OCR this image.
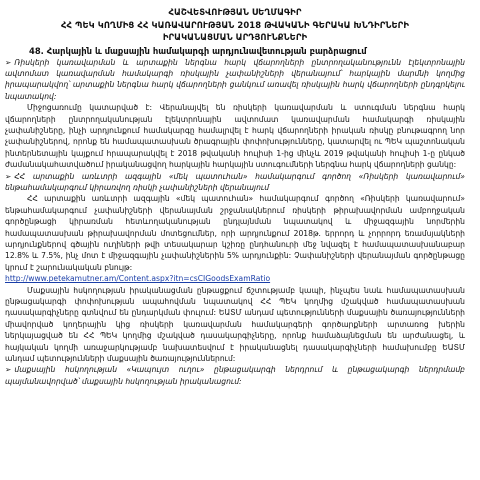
ՀԱՇՎԵՏՎՈՒԹՅԱՆ ՍԵՂՄԱԳԻՐ
ՀՀ ՊԵԿ ԿՈՂՄԻՑ ՀՀ ԿԱՌԱՎԱՐՈՒԹՅԱՆ 2018 ԹՎԱԿԱՆԻ ԳԵՐԱԿԱ ԽՆԴԻՐՆԵՐԻ
ԻՐԱԿԱՆԱՑՄԱՆ ԱՐԴՅՈՒՆՔՆԵՐԻ
48. Հարկային և մաքսային համակարգի արդյունավետության բարձրացում

➢ Ռիսկերի կառավարման և արտաքին ներգնա հարկ վճարողների ընտրողականությունն էլեկտրոնային ավտոմատ կառավարման համակարգի ռիսկային չափանիշների վերանայում՝ հարկային մարմնի կողմից իրապարակվող՝ արտաքին ներգնա հարկ վճարողների ցանկում առավել ռիսկային հարկ վճարողների ընդգրկելու նպատակով:

Միջոցառումը կատարված է: Վերանայվել են ռիսկերի կառավարման և ստուգման ներգնա հարկ վճարողների ընտրողականության էլեկտրոնային ավտոմատ կառավարման համակարգի ռիսկային չափանիշները, ինչի արդյունքում համակարգը համալրվել է հարկ վճարողների իրական ռիսկը բնութագրող նոր չափանիշներով, որոնք են համապատասխան ծրագրային փոփոխությունները, կատարվել ու ՊԵԿ պաշտոնական ինտերնետային կայքում հրապարակվել է 2018 թվականի հուլիսի 1-ից մինչև 2019 թվականի հուլիսի 1-ը ընկած ժամանակահատվածում իրականացվող հարկային հարկային ստուգումների ներգնա հարկ վճարողների ցանկը:

➢ ՀՀ արտաքին առևտրի ազգային «մեկ պատուհան» համակարգում գործող «Ռիսկերի կառավարում» ենթահամակարգում կիրառվող ռիսկի չափանիշների վերանայում

ՀՀ արտաքին առևտրի ազգային «մեկ պատուհան» համակարգում գործող «Ռիսկերի կառավարում» ենթահամակարգում չափանիշների վերանայման շրջանակներում ռիսկերի թիրախավորման ամբողջական գործընթացի կիրառման հետևողականության ընդլայնման նպատակով և միջազգային նորմերին համապատասխան թիրախավորման մոտեցումներ, որի արդյունքում 2018թ. երրորդ և չորրորդ եռամսյակների արդյունքներով գծային ուղիների թվի տեսակարար կշիռը ընդհանուրի մեջ նվազել է համապատասխանաբար 12.8% և 7.5%, ինչ մոտ է միջազգային չափանիշներին 5% արդյունքին: Չափանիշների վերանայման գործընթացը կրում է շարունակական բնույթ:

http://www.petekamutner.am/Content.aspx?itn=csCIGoodsExamRatio

Մաքսային հսկողության իրականացման ընթացքում ճշտությամբ կապի, ինչպես նաև համապատասխան ընթացակարգի փոփոխության ապահովման նպատակով ՀՀ ՊԵԿ կողմից մշակված համապատասխան դասակարգիչները գտնվում են ընդարկման փուլում: ԵԱՏՄ անդամ պետությունների մաքսային ծառայությունների միավորված կողերային կից ռիսկերի կառավարման համակարգերի գործարքների արտառոց խերին ներկայացված են ՀՀ ՊԵԿ կողմից մշակված դասակարգիչները, որոնք համաձայնեցման են արժանացել, և հայկական կողմի առաջարկությամբ նախատեսվում է իրականացնել դասակարգիչների համախումբը ԵԱՏՄ անդամ պետությունների մաքսային ծառայություններում:

➢ մաքսային հսկողության «Կապույտ ուղու» ընթացակարգի ներդրում և ընթացակարգի ներդրմամբ պայմանավորված՝ մաքսային հսկողության իրականացում:
